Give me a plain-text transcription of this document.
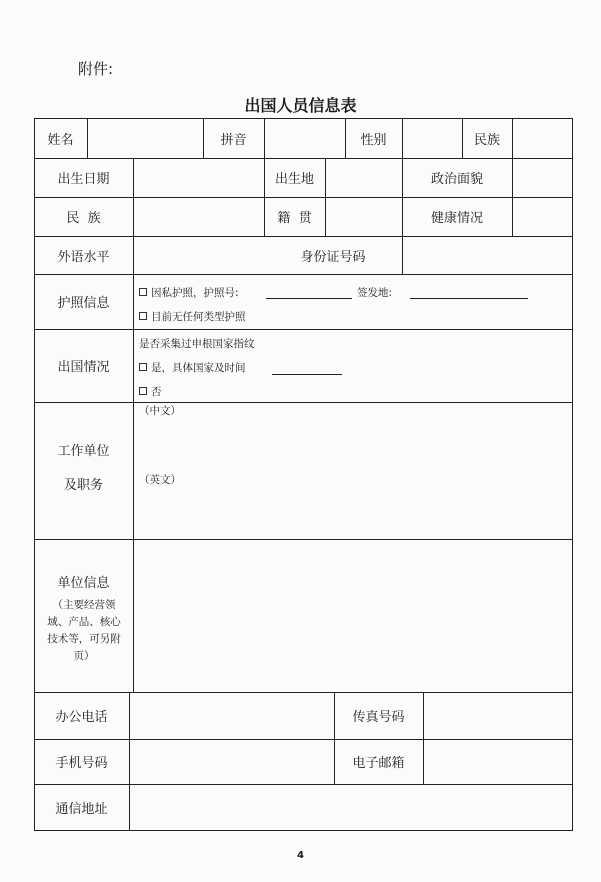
附件:
出国人员信息表
姓名	拼音	性别	民族
出生日期	出生地	政治面貌
民  族	籍  贯	健康情况
外语水平	身份证号码
护照信息
因私护照，护照号:	签发地:
目前无任何类型护照
出国情况
是否采集过申根国家指纹
是，具体国家及时间
否
工作单位
及职务
（中文）
（英文）
单位信息
（主要经营领
域、产品、核心
技术等，可另附
页）
办公电话	传真号码
手机号码	电子邮箱
通信地址
4
